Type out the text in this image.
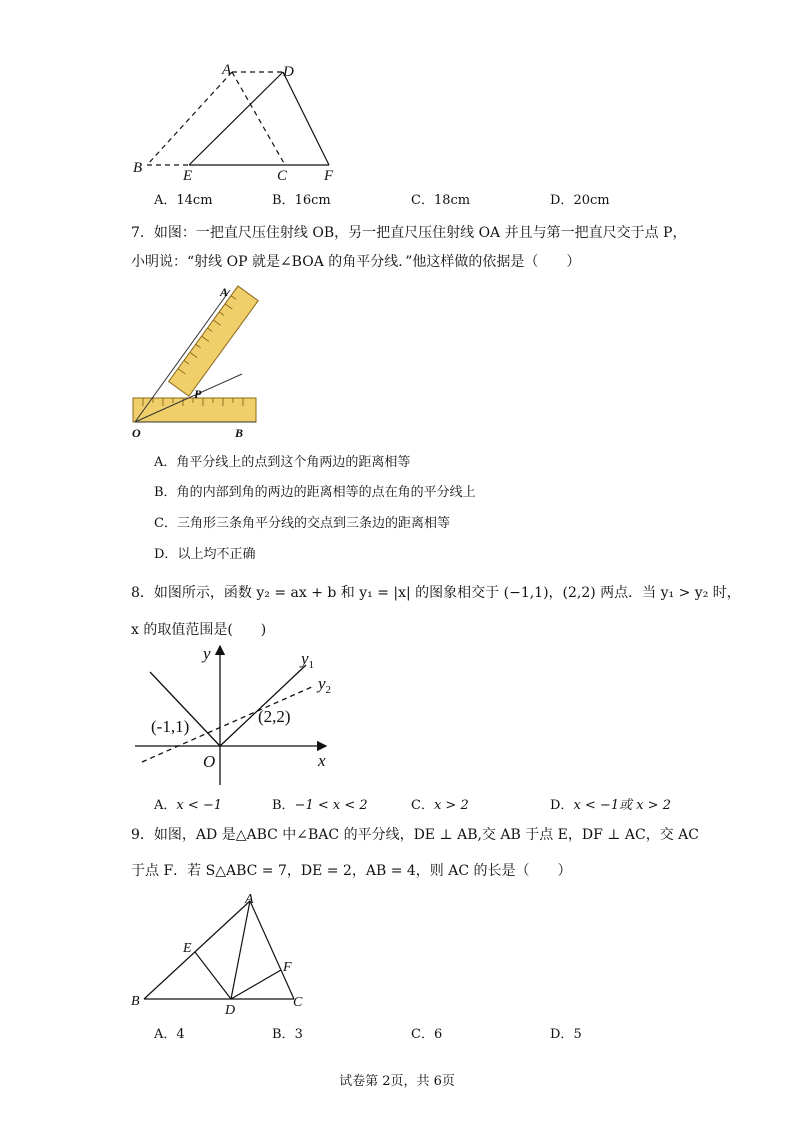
A	D
B	E	C F
A．14cm	B．16cm	C．18cm	D．20cm
7．如图：一把直尺压住射线 OB，另一把直尺压住射线 OA 并且与第一把直尺交于点 P，
小明说：“射线 OP 就是∠BOA 的角平分线．”他这样做的依据是（　　）
A
P
O	B
A．角平分线上的点到这个角两边的距离相等
B．角的内部到角的两边的距离相等的点在角的平分线上
C．三角形三条角平分线的交点到三条边的距离相等
D．以上均不正确
8．如图所示，函数 y₂ = ax + b 和 y₁ = |x| 的图象相交于 (−1,1)，(2,2) 两点．当 y₁ > y₂ 时，
x 的取值范围是(　　)
y
x
O
$y_1$
$y_2$
(-1,1)
(2,2)
A．x < −1	B．−1 < x < 2	C．x > 2	D．x < −1或 x > 2
9．如图，AD 是△ABC 中∠BAC 的平分线，DE ⊥ AB,交 AB 于点 E，DF ⊥ AC，交 AC
于点 F．若 S△ABC = 7，DE = 2，AB = 4，则 AC 的长是（　　）
A
E
F
B
D
C
A．4	B．3	C．6	D．5
试卷第 2页，共 6页
